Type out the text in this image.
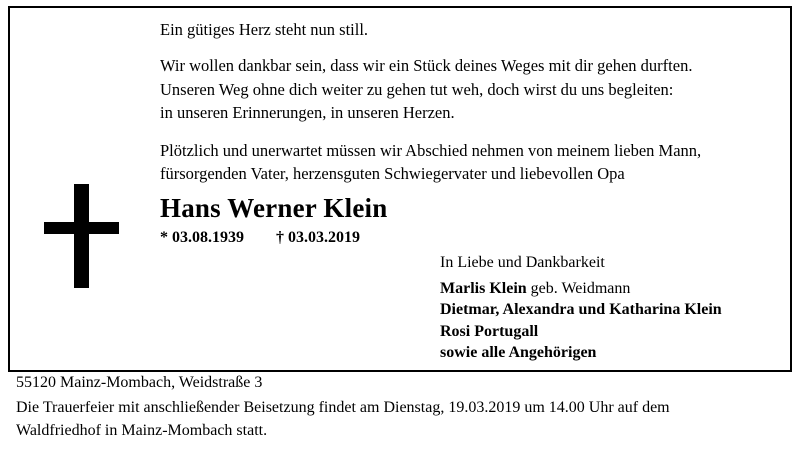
Ein gütiges Herz steht nun still.

Wir wollen dankbar sein, dass wir ein Stück deines Weges mit dir gehen durften.
Unseren Weg ohne dich weiter zu gehen tut weh, doch wirst du uns begleiten:
in unseren Erinnerungen, in unseren Herzen.

Plötzlich und unerwartet müssen wir Abschied nehmen von meinem lieben Mann,
fürsorgenden Vater, herzensguten Schwiegervater und liebevollen Opa

Hans Werner Klein
* 03.08.1939 † 03.03.2019
In Liebe und Dankbarkeit
Marlis Klein geb. Weidmann
Dietmar, Alexandra und Katharina Klein
Rosi Portugall
sowie alle Angehörigen

55120 Mainz-Mombach, Weidstraße 3

Die Trauerfeier mit anschließender Beisetzung findet am Dienstag, 19.03.2019 um 14.00 Uhr auf dem
Waldfriedhof in Mainz-Mombach statt.
